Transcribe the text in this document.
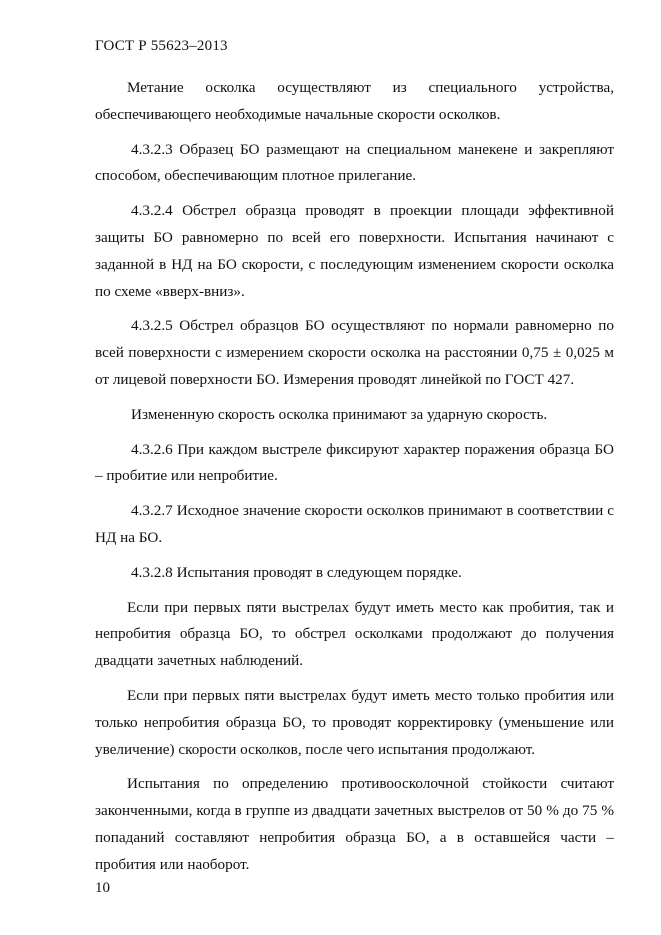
ГОСТ Р 55623–2013

Метание осколка осуществляют из специального устройства, обеспечивающего необходимые начальные скорости осколков.

4.3.2.3 Образец БО размещают на специальном манекене и закрепляют способом, обеспечивающим плотное прилегание.

4.3.2.4 Обстрел образца проводят в проекции площади эффективной защиты БО равномерно по всей его поверхности. Испытания начинают с заданной в НД на БО скорости, с последующим изменением скорости осколка по схеме «вверх-вниз».

4.3.2.5 Обстрел образцов БО осуществляют по нормали равномерно по всей поверхности с измерением скорости осколка на расстоянии 0,75 ± 0,025 м от лицевой поверхности БО. Измерения проводят линейкой по ГОСТ 427.

Измененную скорость осколка принимают за ударную скорость.

4.3.2.6 При каждом выстреле фиксируют характер поражения образца БО – пробитие или непробитие.

4.3.2.7 Исходное значение скорости осколков принимают в соответствии с НД на БО.

4.3.2.8 Испытания проводят в следующем порядке.

Если при первых пяти выстрелах будут иметь место как пробития, так и непробития образца БО, то обстрел осколками продолжают до получения двадцати зачетных наблюдений.

Если при первых пяти выстрелах будут иметь место только пробития или только непробития образца БО, то проводят корректировку (уменьшение или увеличение) скорости осколков, после чего испытания продолжают.

Испытания по определению противоосколочной стойкости считают законченными, когда в группе из двадцати зачетных выстрелов от 50 % до 75 % попаданий составляют непробития образца БО, а в оставшейся части – пробития или наоборот.

10
